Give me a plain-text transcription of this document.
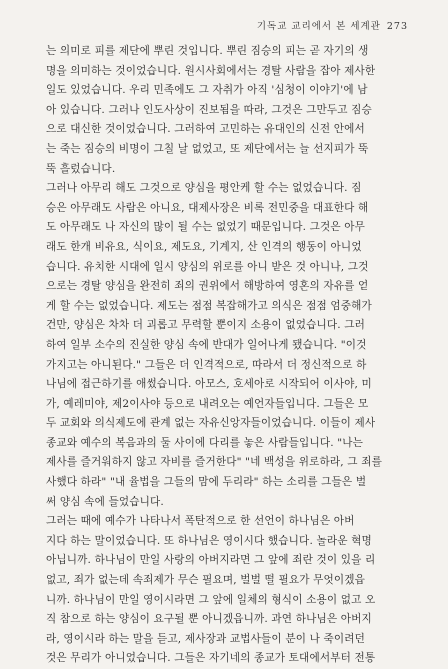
기독교 교리에서 본 세계관 273
는 의미로 피를 제단에 뿌린 것입니다. 뿌린 짐승의 피는 곧 자기의 생
명을 의미하는 것이었습니다. 원시사회에서는 경탈 사람을 잡아 제사한
일도 있었습니다. 우리 민족에도 그 자취가 아직 '심청이 이야기'에 남
아 있습니다. 그러나 인도사상이 진보됨을 따라, 그것은 그만두고 짐승
으로 대신한 것이었습니다. 그러하여 고민하는 유대인의 신전 안에서
는 죽는 짐승의 비명이 그칠 날 없었고, 또 제단에서는 늘 선지피가 뚝
뚝 흘렀습니다.
그러나 아무리 해도 그것으로 양심을 평안케 할 수는 없었습니다. 짐
승은 아무래도 사람은 아니요, 대제사장은 비록 전민중을 대표한다 해
도 아무래도 나 자신의 많이 될 수는 없었기 때문입니다. 그것은 아무
래도 한개 비유요, 식이요, 제도요, 기계지, 산 인격의 행동이 아니었
습니다. 유치한 시대에 일시 양심의 위로를 아니 받은 것 아니나, 그것
으로는 경탈 양심을 완전히 죄의 권위에서 해방하여 영혼의 자유를 얻
게 할 수는 없었습니다. 제도는 점점 복잡해가고 의식은 점점 엄중해가
건만, 양심은 차차 더 괴롭고 무력할 뿐이지 소용이 없었습니다. 그러
하여 일부 소수의 진실한 양심 속에 반대가 일어나게 됐습니다. "이것
가지고는 아니된다." 그들은 더 인격적으로, 따라서 더 정신적으로 하
나님에 접근하기를 애썼습니다. 아모스, 호세아로 시작되어 이사야, 미
가, 예레미야, 제2이사야 등으로 내려오는 예언자들입니다. 그들은 모
두 교회와 의식제도에 관계 없는 자유신앙자들이었습니다. 이들이 제사
종교와 예수의 복음과의 둘 사이에 다리를 놓은 사람들입니다. "나는
제사를 즐거워하지 않고 자비를 즐거한다" "네 백성을 위로하라, 그 죄를
사했다 하라" "내 율법을 그들의 맘에 두리라" 하는 소리를 그들은 벌
써 양심 속에 들었습니다.
그러는 때에 예수가 나타나서 폭탄적으로 한 선언이 하나님은 아버
지다 하는 말이었습니다. 또 하나님은 영이시다 했습니다. 놀라운 혁명
아닙니까. 하나님이 만일 사랑의 아버지라면 그 앞에 죄란 것이 있을 리
없고, 죄가 없는데 속죄제가 무슨 필요며, 벌벌 떨 필요가 무엇이겠읍
니까. 하나님이 만일 영이시라면 그 앞에 일체의 형식이 소용이 없고 오
직 참으로 하는 양심이 요구될 뿐 아니겠읍니까. 과연 하나님은 아버지
라, 영이시라 하는 말을 듣고, 제사장과 교법사들이 분이 나 죽이려던
것은 무리가 아니었습니다. 그들은 자기네의 종교가 토대에서부터 전통
